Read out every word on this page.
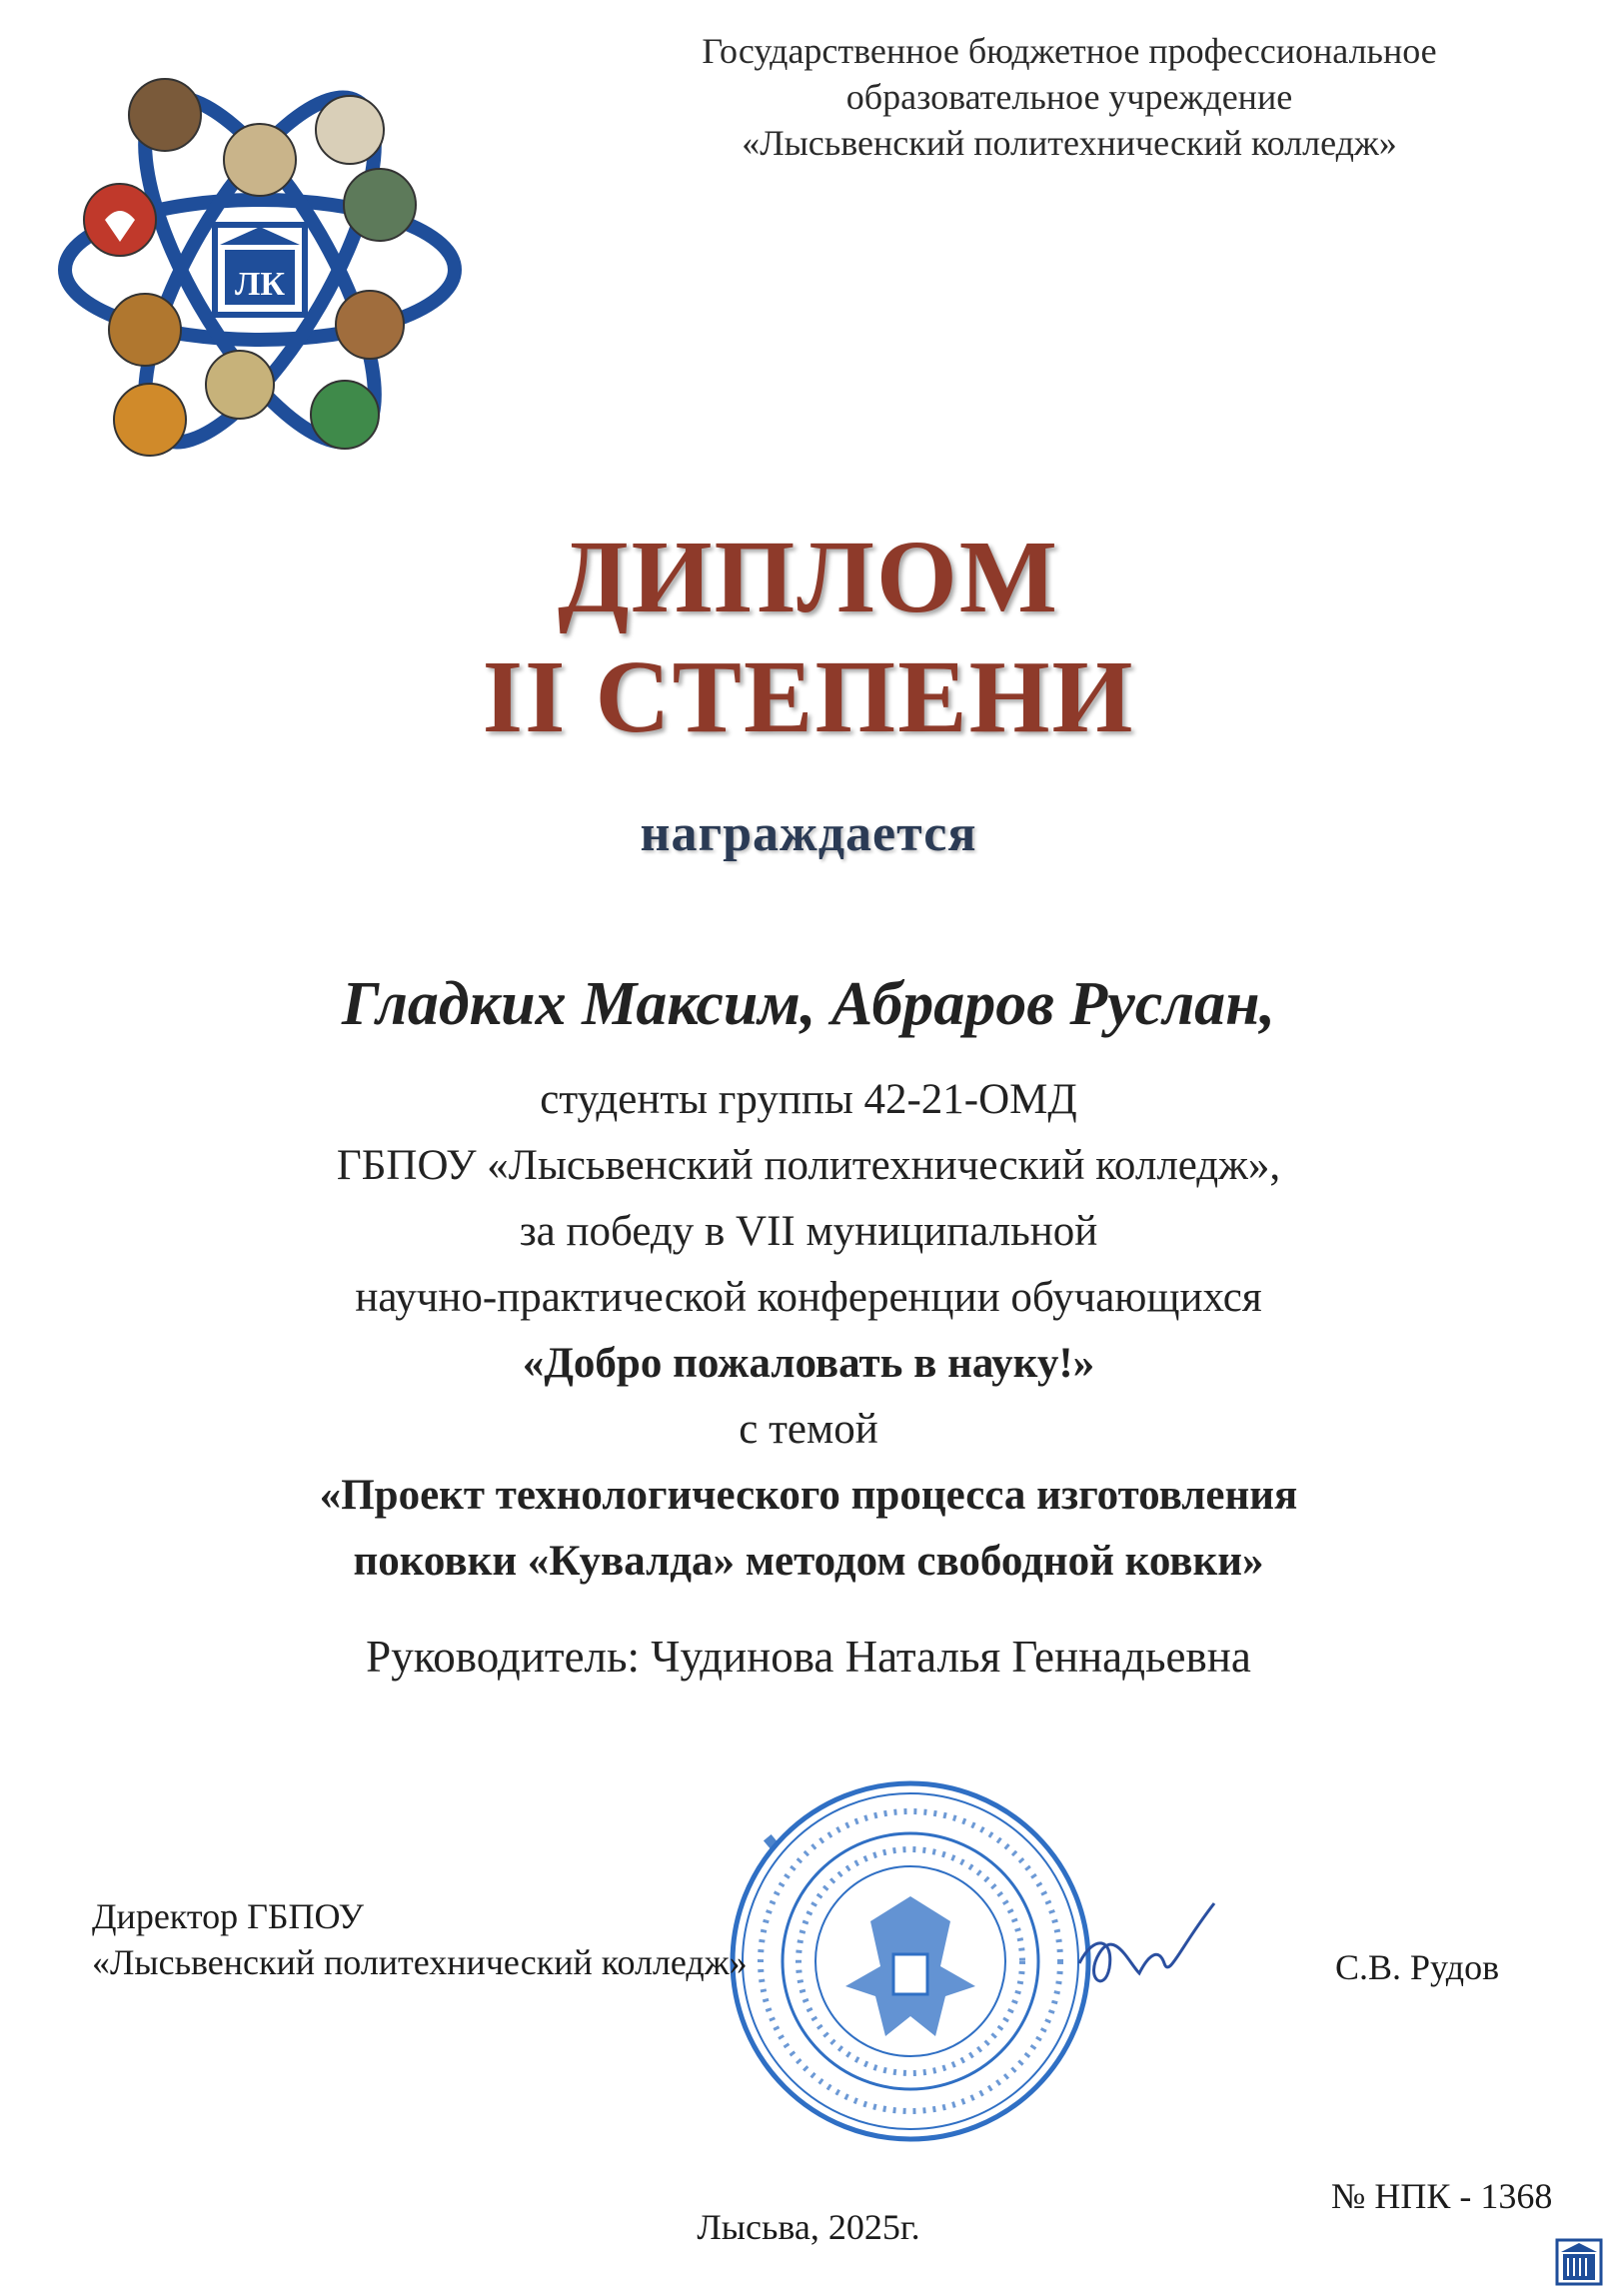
ЛК
Государственное бюджетное профессиональное
образовательное учреждение
«Лысьвенский политехнический колледж»
ДИПЛОМ
II СТЕПЕНИ
награждается
Гладких Максим, Абраров Руслан,
студенты группы 42-21-ОМД
ГБПОУ «Лысьвенский политехнический колледж»,
за победу в VII муниципальной
научно-практической конференции обучающихся
«Добро пожаловать в науку!»
с темой
«Проект технологического процесса изготовления
поковки «Кувалда» методом свободной ковки»
Руководитель: Чудинова Наталья Геннадьевна
Директор ГБПОУ
«Лысьвенский политехнический колледж»	С.В. Рудов
№ НПК - 1368
Лысьва, 2025г.
